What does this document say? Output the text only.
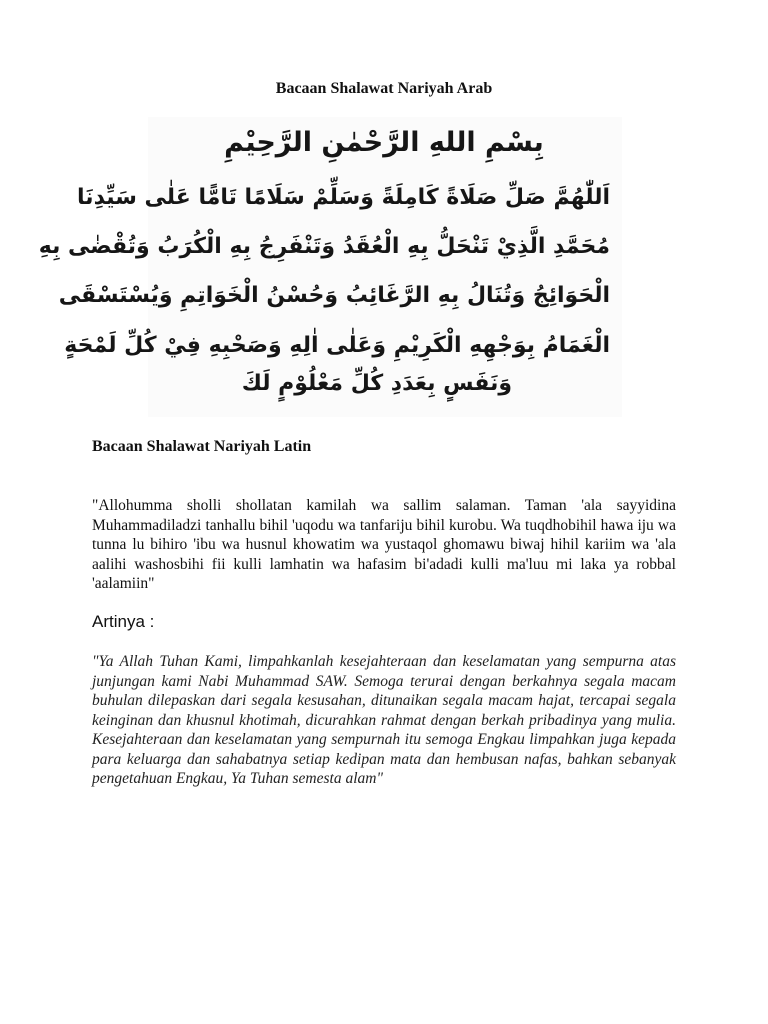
Bacaan Shalawat Nariyah Arab
بِسْمِ اللهِ الرَّحْمٰنِ الرَّحِيْمِ
اَللّٰهُمَّ صَلِّ صَلَاةً كَامِلَةً وَسَلِّمْ سَلَامًا تَامًّا عَلٰى سَيِّدِنَا
مُحَمَّدِ الَّذِيْ تَنْحَلُّ بِهِ الْعُقَدُ وَتَنْفَرِجُ بِهِ الْكُرَبُ وَتُقْضٰى بِهِ
الْحَوَائِجُ وَتُنَالُ بِهِ الرَّغَائِبُ وَحُسْنُ الْخَوَاتِمِ وَيُسْتَسْقَى
الْغَمَامُ بِوَجْهِهِ الْكَرِيْمِ وَعَلٰى اٰلِهِ وَصَحْبِهِ فِيْ كُلِّ لَمْحَةٍ
وَنَفَسٍ بِعَدَدِ كُلِّ مَعْلُوْمٍ لَكَ
Bacaan Shalawat Nariyah Latin
"Allohumma sholli shollatan kamilah wa sallim salaman. Taman 'ala sayyidina Muhammadiladzi tanhallu bihil 'uqodu wa tanfariju bihil kurobu. Wa tuqdhobihil hawa iju wa tunna lu bihiro 'ibu wa husnul khowatim wa yustaqol ghomawu biwaj hihil kariim wa 'ala aalihi washosbihi fii kulli lamhatin wa hafasim bi'adadi kulli ma'luu mi laka ya robbal 'aalamiin"
Artinya :
"Ya Allah Tuhan Kami, limpahkanlah kesejahteraan dan keselamatan yang sempurna atas junjungan kami Nabi Muhammad SAW. Semoga terurai dengan berkahnya segala macam buhulan dilepaskan dari segala kesusahan, ditunaikan segala macam hajat, tercapai segala keinginan dan khusnul khotimah, dicurahkan rahmat dengan berkah pribadinya yang mulia. Kesejahteraan dan keselamatan yang sempurnah itu semoga Engkau limpahkan juga kepada para keluarga dan sahabatnya setiap kedipan mata dan hembusan nafas, bahkan sebanyak pengetahuan Engkau, Ya Tuhan semesta alam"
